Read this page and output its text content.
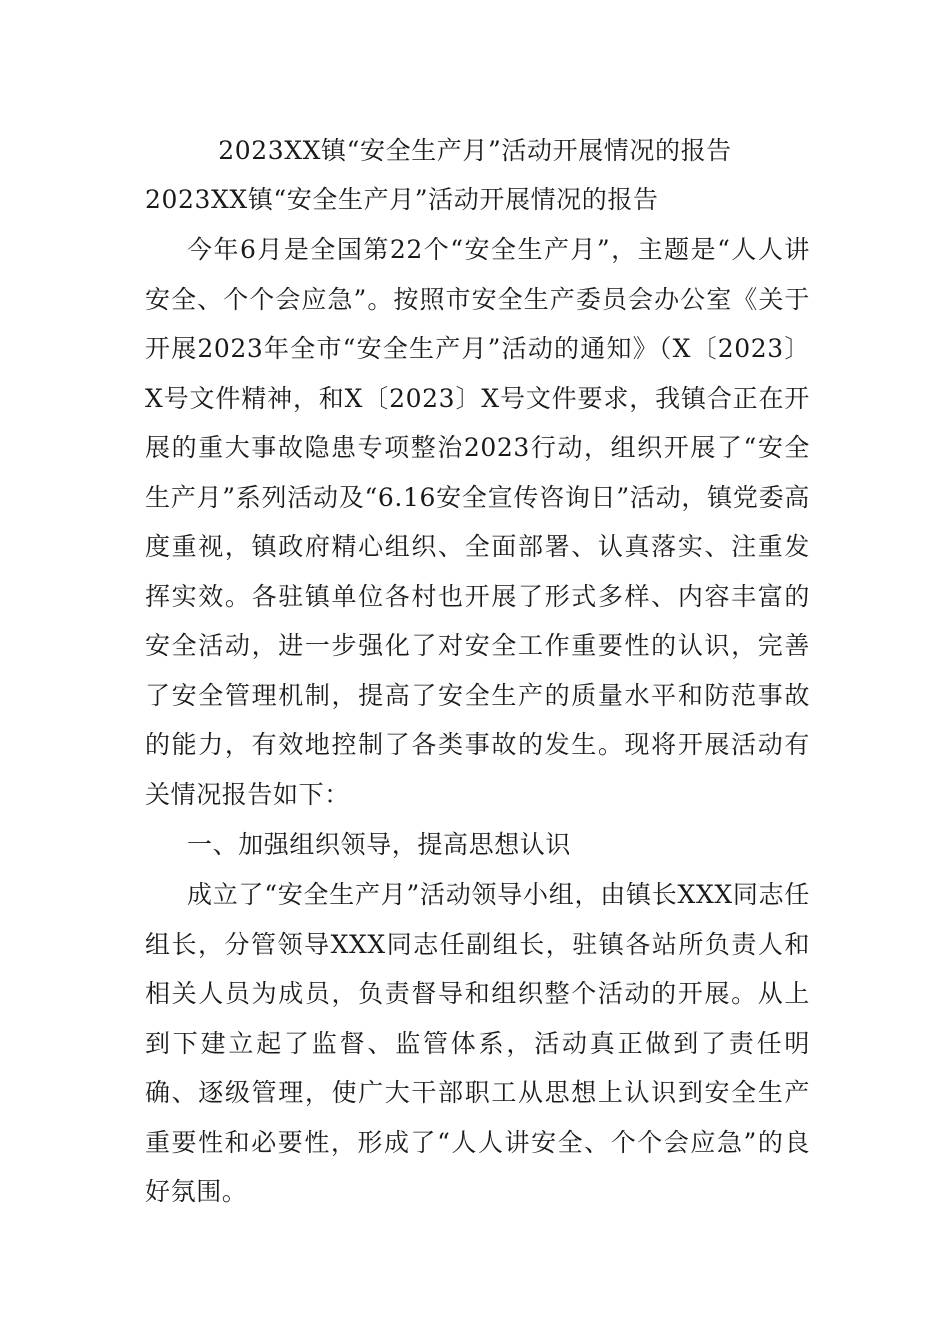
2023XX镇“安全生产月”活动开展情况的报告
2023XX镇“安全生产月”活动开展情况的报告
今年6月是全国第22个“安全生产月”，主题是“人人讲安全、个个会应急”。按照市安全生产委员会办公室《关于开展2023年全市“安全生产月”活动的通知》（X〔2023〕X号文件精神，和X〔2023〕X号文件要求，我镇合正在开展的重大事故隐患专项整治2023行动，组织开展了“安全生产月”系列活动及“6.16安全宣传咨询日”活动，镇党委高度重视，镇政府精心组织、全面部署、认真落实、注重发挥实效。各驻镇单位各村也开展了形式多样、内容丰富的安全活动，进一步强化了对安全工作重要性的认识，完善了安全管理机制，提高了安全生产的质量水平和防范事故的能力，有效地控制了各类事故的发生。现将开展活动有关情况报告如下：
一、加强组织领导，提高思想认识
成立了“安全生产月”活动领导小组，由镇长XXX同志任组长，分管领导XXX同志任副组长，驻镇各站所负责人和相关人员为成员，负责督导和组织整个活动的开展。从上到下建立起了监督、监管体系，活动真正做到了责任明确、逐级管理，使广大干部职工从思想上认识到安全生产重要性和必要性，形成了“人人讲安全、个个会应急”的良好氛围。
